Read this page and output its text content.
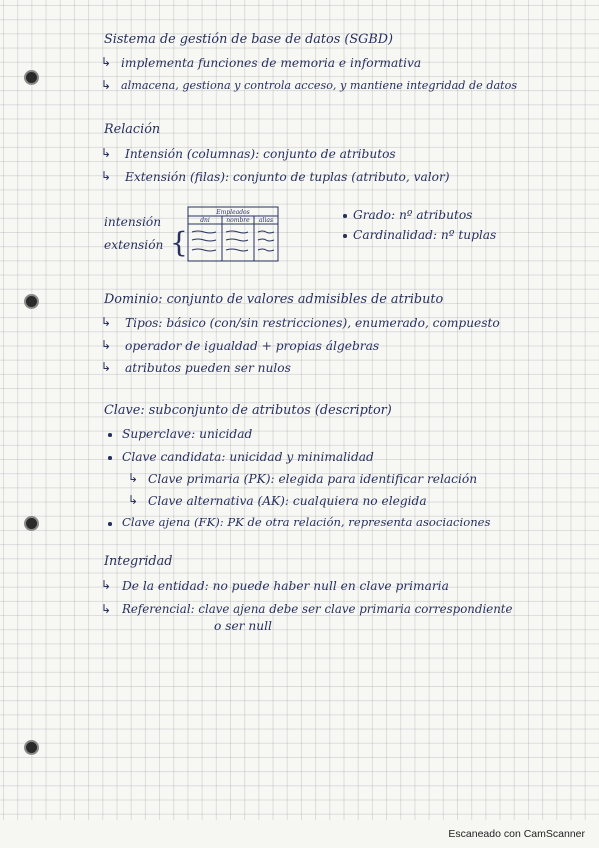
Sistema de gestión de base de datos (SGBD)
↳ implementa funciones de memoria e informativa
↳ almacena, gestiona y controla acceso, y mantiene integridad de datos
Relación
↳ Intensión (columnas): conjunto de atributos
↳ Extensión (filas): conjunto de tuplas (atributo, valor)
intensión
extensión {
Empleados
dni	nombre alias	Grado: nº atributos
Cardinalidad: nº tuplas
Dominio: conjunto de valores admisibles de atributo
↳ Tipos: básico (con/sin restricciones), enumerado, compuesto
↳ operador de igualdad + propias álgebras
↳ atributos pueden ser nulos
Clave: subconjunto de atributos (descriptor)
Superclave: unicidad
Clave candidata: unicidad y minimalidad
↳ Clave primaria (PK): elegida para identificar relación
↳ Clave alternativa (AK): cualquiera no elegida
Clave ajena (FK): PK de otra relación, representa asociaciones
Integridad
↳ De la entidad: no puede haber null en clave primaria
↳ Referencial: clave ajena debe ser clave primaria correspondiente
o ser null
Escaneado con CamScanner
